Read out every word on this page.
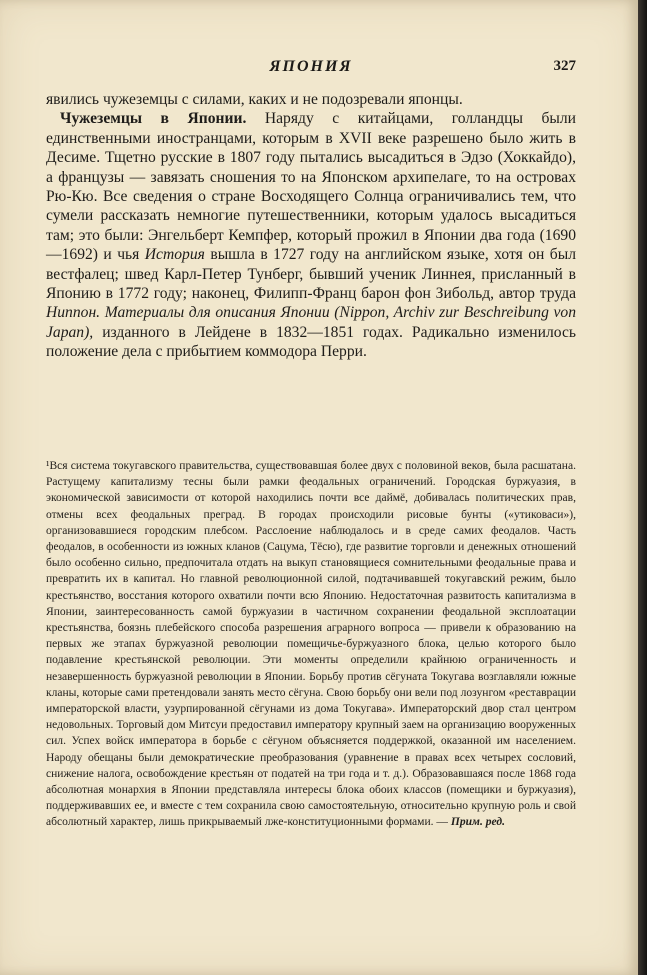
ЯПОНИЯ	327

явились чужеземцы с силами, каких и не подозревали японцы.

Чужеземцы в Японии. Наряду с китайцами, голландцы были единственными иностранцами, которым в XVII веке разрешено было жить в Десиме. Тщетно русские в 1807 году пытались высадиться в Эдзо (Хоккайдо), а французы — завязать сношения то на Японском архипелаге, то на островах Рю-Кю. Все сведения о стране Восходящего Солнца ограничивались тем, что сумели рассказать немногие путешественники, которым удалось высадиться там; это были: Энгельберт Кемпфер, который прожил в Японии два года (1690—1692) и чья История вышла в 1727 году на английском языке, хотя он был вестфалец; швед Карл-Петер Тунберг, бывший ученик Линнея, присланный в Японию в 1772 году; наконец, Филипп-Франц барон фон Зибольд, автор труда Ниппон. Материалы для описания Японии (Nippon, Archiv zur Beschreibung von Japan), изданного в Лейдене в 1832—1851 годах. Радикально изменилось положение дела с прибытием коммодора Перри.

¹Вся система токугавского правительства, существовавшая более двух с половиной веков, была расшатана. Растущему капитализму тесны были рамки феодальных ограничений. Городская буржуазия, в экономической зависимости от которой находились почти все даймё, добивалась политических прав, отмены всех феодальных преград. В городах происходили рисовые бунты («утиковаси»), организовавшиеся городским плебсом. Расслоение наблюдалось и в среде самих феодалов. Часть феодалов, в особенности из южных кланов (Сацума, Тёсю), где развитие торговли и денежных отношений было особенно сильно, предпочитала отдать на выкуп становящиеся сомнительными феодальные права и превратить их в капитал. Но главной революционной силой, подтачивавшей токугавский режим, было крестьянство, восстания которого охватили почти всю Японию. Недостаточная развитость капитализма в Японии, заинтересованность самой буржуазии в частичном сохранении феодальной эксплоатации крестьянства, боязнь плебейского способа разрешения аграрного вопроса — привели к образованию на первых же этапах буржуазной революции помещичье-буржуазного блока, целью которого было подавление крестьянской революции. Эти моменты определили крайнюю ограниченность и незавершенность буржуазной революции в Японии. Борьбу против сёгуната Токугава возглавляли южные кланы, которые сами претендовали занять место сёгуна. Свою борьбу они вели под лозунгом «реставрации императорской власти, узурпированной сёгунами из дома Токугава». Императорский двор стал центром недовольных. Торговый дом Митсуи предоставил императору крупный заем на организацию вооруженных сил. Успех войск императора в борьбе с сёгуном объясняется поддержкой, оказанной им населением. Народу обещаны были демократические преобразования (уравнение в правах всех четырех сословий, снижение налога, освобождение крестьян от податей на три года и т. д.). Образовавшаяся после 1868 года абсолютная монархия в Японии представляла интересы блока обоих классов (помещики и буржуазия), поддерживавших ее, и вместе с тем сохранила свою самостоятельную, относительно крупную роль и свой абсолютный характер, лишь прикрываемый лже-конституционными формами. — Прим. ред.
